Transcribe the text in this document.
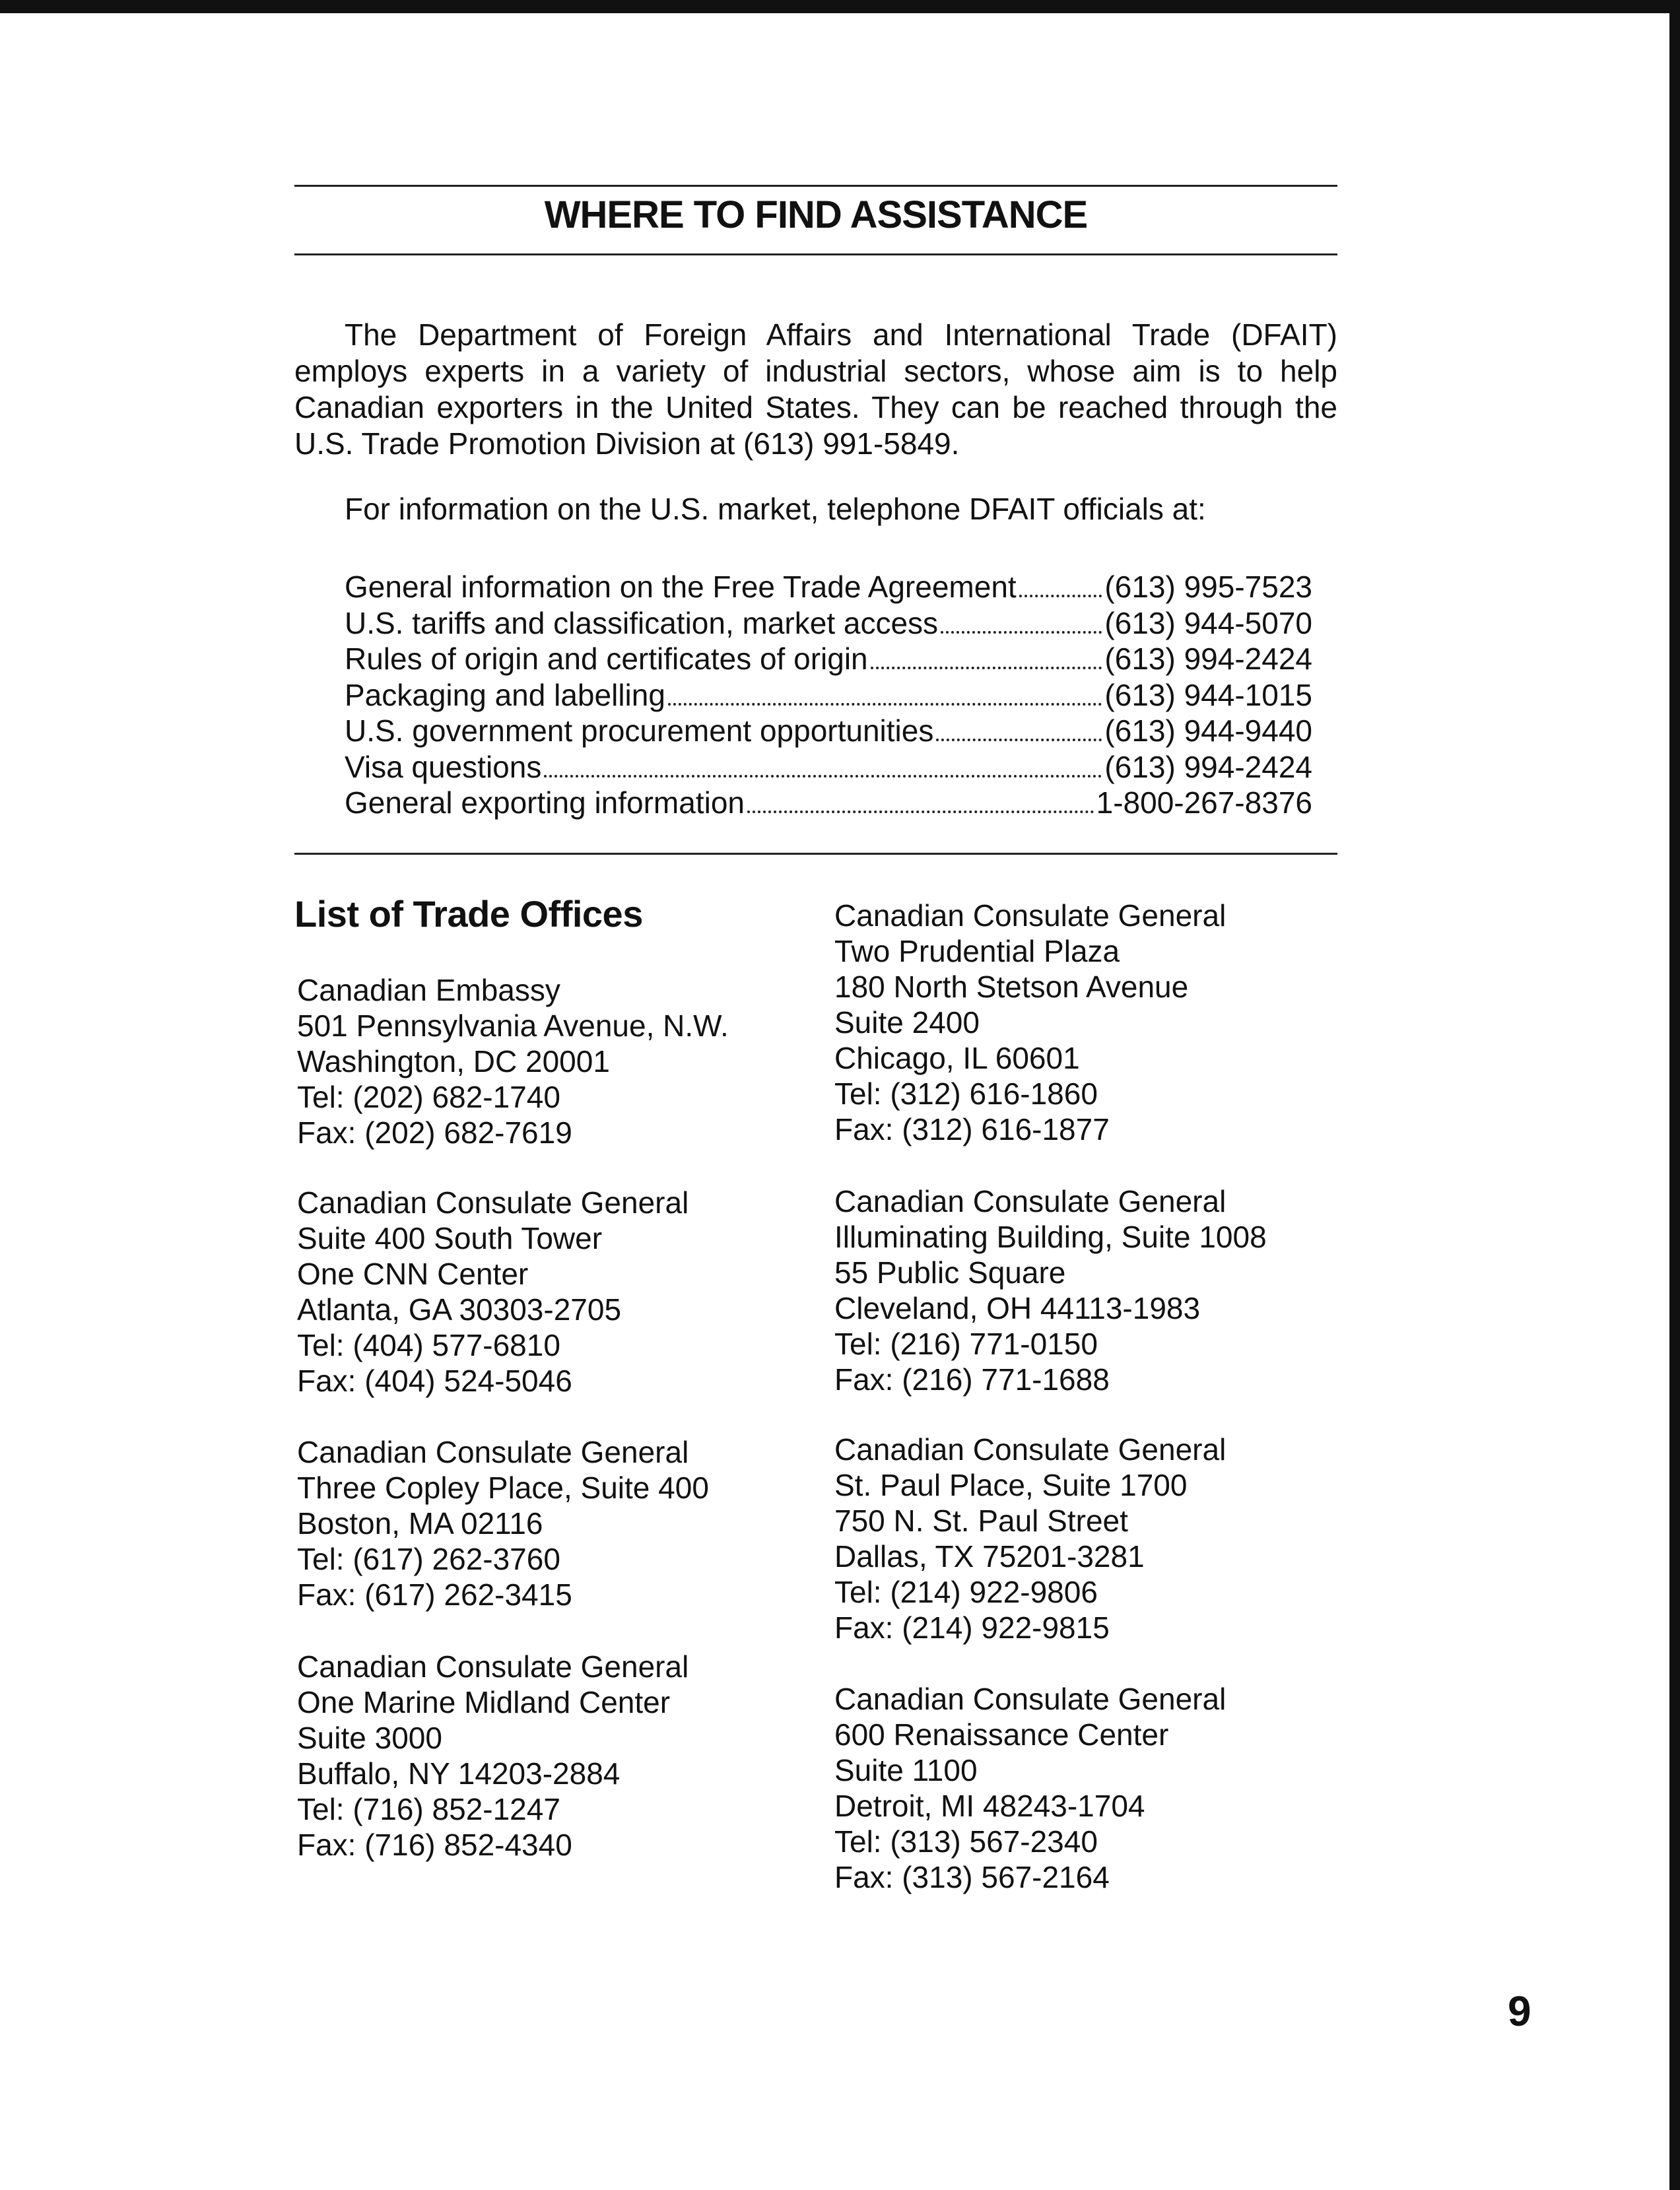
WHERE TO FIND ASSISTANCE

The Department of Foreign Affairs and International Trade (DFAIT) employs experts in a variety of industrial sectors, whose aim is to help Canadian exporters in the United States. They can be reached through the U.S. Trade Promotion Division at (613) 991-5849.

For information on the U.S. market, telephone DFAIT officials at:

General information on the Free Trade Agreement	(613) 995-7523
U.S. tariffs and classification, market access	(613) 944-5070
Rules of origin and certificates of origin	(613) 994-2424
Packaging and labelling	(613) 944-1015
U.S. government procurement opportunities	(613) 944-9440
Visa questions	(613) 994-2424
General exporting information	1-800-267-8376
List of Trade Offices
Canadian Embassy
501 Pennsylvania Avenue, N.W.
Washington, DC 20001
Tel: (202) 682-1740
Fax: (202) 682-7619
Canadian Consulate General
Suite 400 South Tower
One CNN Center
Atlanta, GA 30303-2705
Tel: (404) 577-6810
Fax: (404) 524-5046
Canadian Consulate General
Three Copley Place, Suite 400
Boston, MA 02116
Tel: (617) 262-3760
Fax: (617) 262-3415
Canadian Consulate General
One Marine Midland Center
Suite 3000
Buffalo, NY 14203-2884
Tel: (716) 852-1247
Fax: (716) 852-4340
Canadian Consulate General
Two Prudential Plaza
180 North Stetson Avenue
Suite 2400
Chicago, IL 60601
Tel: (312) 616-1860
Fax: (312) 616-1877
Canadian Consulate General
Illuminating Building, Suite 1008
55 Public Square
Cleveland, OH 44113-1983
Tel: (216) 771-0150
Fax: (216) 771-1688
Canadian Consulate General
St. Paul Place, Suite 1700
750 N. St. Paul Street
Dallas, TX 75201-3281
Tel: (214) 922-9806
Fax: (214) 922-9815
Canadian Consulate General
600 Renaissance Center
Suite 1100
Detroit, MI 48243-1704
Tel: (313) 567-2340
Fax: (313) 567-2164
9
